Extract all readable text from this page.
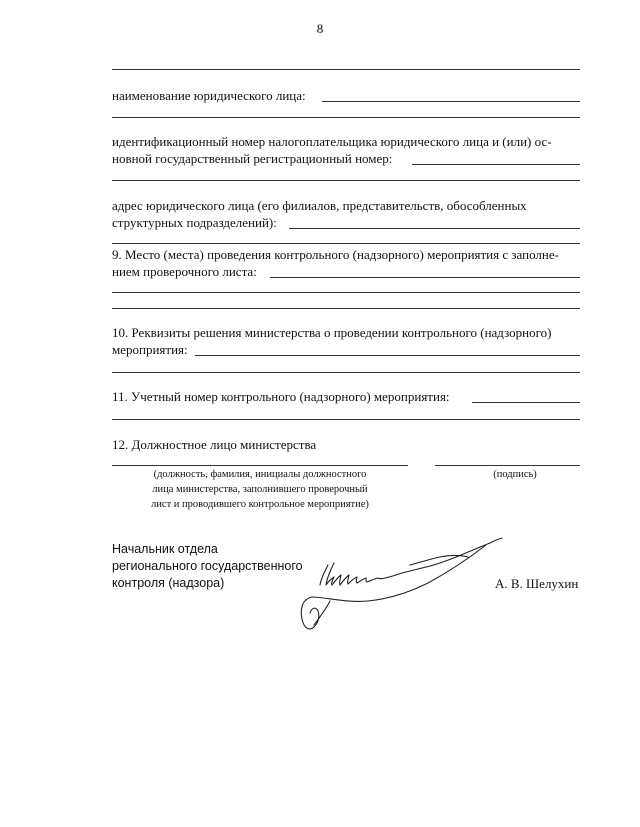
8
наименование юридического лица:
идентификационный номер налогоплательщика юридического лица и (или) ос-
новной государственный регистрационный номер:
адрес юридического лица (его филиалов, представительств, обособленных
структурных подразделений):
9. Место (места) проведения контрольного (надзорного) мероприятия с заполне-
нием проверочного листа:
10. Реквизиты решения министерства о проведении контрольного (надзорного)
мероприятия:
11. Учетный номер контрольного (надзорного) мероприятия:
12. Должностное лицо министерства
(должность, фамилия, инициалы должностного
лица министерства, заполнившего проверочный
лист и проводившего контрольное мероприятие)
(подпись)
Начальник отдела
регионального государственного
контроля (надзора)	А. В. Шелухин
